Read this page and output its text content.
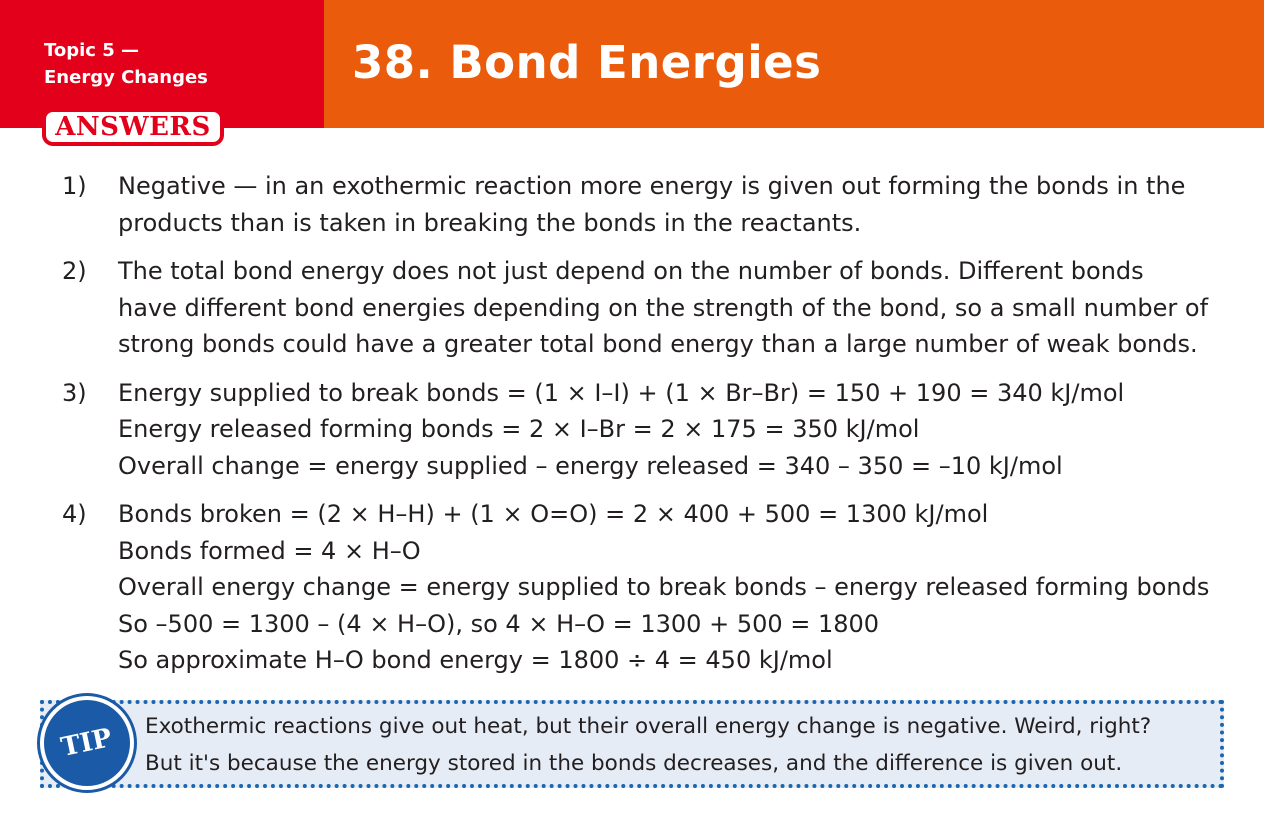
Topic 5 —
Energy Changes	38. Bond Energies
ANSWERS
1) Negative — in an exothermic reaction more energy is given out forming the bonds in the
products than is taken in breaking the bonds in the reactants.
2) The total bond energy does not just depend on the number of bonds. Different bonds
have different bond energies depending on the strength of the bond, so a small number of
strong bonds could have a greater total bond energy than a large number of weak bonds.
3) Energy supplied to break bonds = (1 × I–I) + (1 × Br–Br) = 150 + 190 = 340 kJ/mol
Energy released forming bonds = 2 × I–Br = 2 × 175 = 350 kJ/mol
Overall change = energy supplied – energy released = 340 – 350 = –10 kJ/mol
4) Bonds broken = (2 × H–H) + (1 × O=O) = 2 × 400 + 500 = 1300 kJ/mol
Bonds formed = 4 × H–O
Overall energy change = energy supplied to break bonds – energy released forming bonds
So –500 = 1300 – (4 × H–O), so 4 × H–O = 1300 + 500 = 1800
So approximate H–O bond energy = 1800 ÷ 4 = 450 kJ/mol
TIP Exothermic reactions give out heat, but their overall energy change is negative. Weird, right?
But it's because the energy stored in the bonds decreases, and the difference is given out.
